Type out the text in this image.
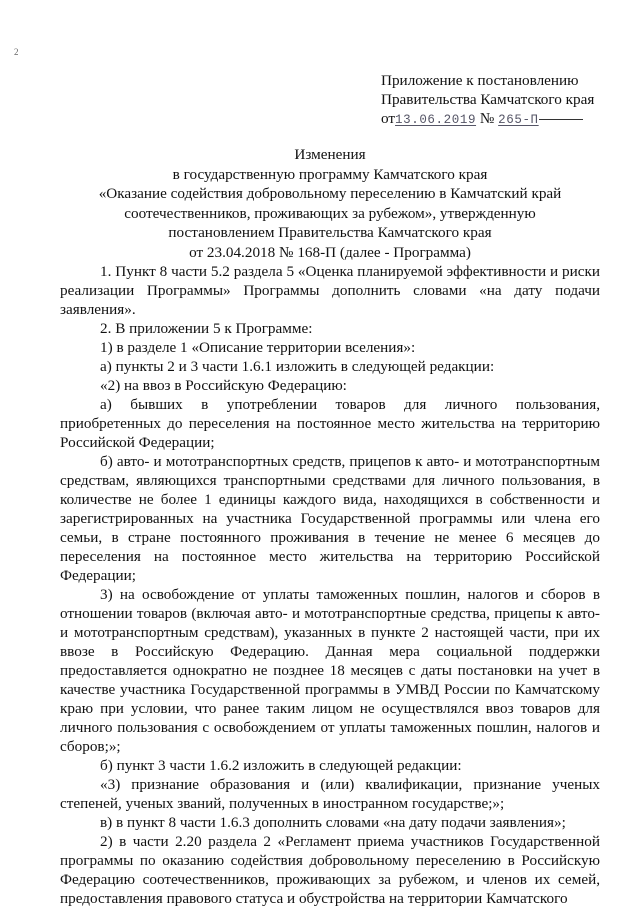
2
Приложение к постановлению
Правительства Камчатского края
от13.06.2019 № 265-П
Изменения
в государственную программу Камчатского края
«Оказание содействия добровольному переселению в Камчатский край
соотечественников, проживающих за рубежом», утвержденную
постановлением Правительства Камчатского края
от 23.04.2018 № 168-П (далее - Программа)

1. Пункт 8 части 5.2 раздела 5 «Оценка планируемой эффективности и риски реализации Программы» Программы дополнить словами «на дату подачи заявления».

2. В приложении 5 к Программе:

1) в разделе 1 «Описание территории вселения»:

а) пункты 2 и 3 части 1.6.1 изложить в следующей редакции:

«2) на ввоз в Российскую Федерацию:

а) бывших в употреблении товаров для личного пользования, приобретенных до переселения на постоянное место жительства на территорию Российской Федерации;

б) авто- и мототранспортных средств, прицепов к авто- и мототранспортным средствам, являющихся транспортными средствами для личного пользования, в количестве не более 1 единицы каждого вида, находящихся в собственности и зарегистрированных на участника Государственной программы или члена его семьи, в стране постоянного проживания в течение не менее 6 месяцев до переселения на постоянное место жительства на территорию Российской Федерации;

3) на освобождение от уплаты таможенных пошлин, налогов и сборов в отношении товаров (включая авто- и мототранспортные средства, прицепы к авто- и мототранспортным средствам), указанных в пункте 2 настоящей части, при их ввозе в Российскую Федерацию. Данная мера социальной поддержки предоставляется однократно не позднее 18 месяцев с даты постановки на учет в качестве участника Государственной программы в УМВД России по Камчатскому краю при условии, что ранее таким лицом не осуществлялся ввоз товаров для личного пользования с освобождением от уплаты таможенных пошлин, налогов и сборов;»;

б) пункт 3 части 1.6.2 изложить в следующей редакции:

«3) признание образования и (или) квалификации, признание ученых степеней, ученых званий, полученных в иностранном государстве;»;

в) в пункт 8 части 1.6.3 дополнить словами «на дату подачи заявления»;

2) в части 2.20 раздела 2 «Регламент приема участников Государственной программы по оказанию содействия добровольному переселению в Российскую Федерацию соотечественников, проживающих за рубежом, и членов их семей, предоставления правового статуса и обустройства на территории Камчатского
